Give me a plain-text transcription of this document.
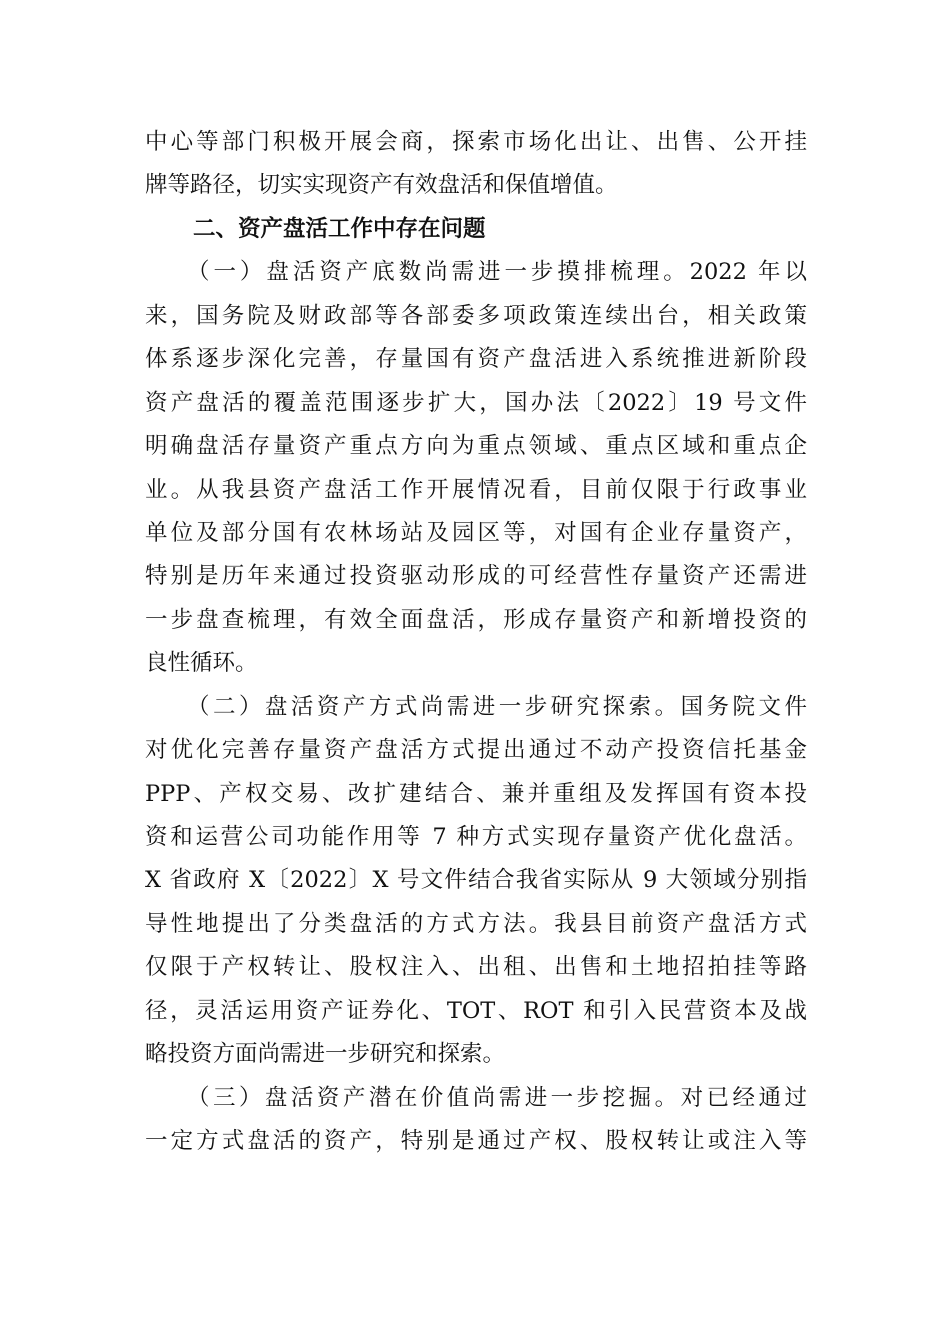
中心等部门积极开展会商，探索市场化出让、出售、公开挂
牌等路径，切实实现资产有效盘活和保值增值。
二、资产盘活工作中存在问题
（一）盘活资产底数尚需进一步摸排梳理。2022 年以
来，国务院及财政部等各部委多项政策连续出台，相关政策
体系逐步深化完善，存量国有资产盘活进入系统推进新阶段
资产盘活的覆盖范围逐步扩大，国办法〔2022〕19 号文件
明确盘活存量资产重点方向为重点领域、重点区域和重点企
业。从我县资产盘活工作开展情况看，目前仅限于行政事业
单位及部分国有农林场站及园区等，对国有企业存量资产，
特别是历年来通过投资驱动形成的可经营性存量资产还需进
一步盘查梳理，有效全面盘活，形成存量资产和新增投资的
良性循环。
（二）盘活资产方式尚需进一步研究探索。国务院文件
对优化完善存量资产盘活方式提出通过不动产投资信托基金
PPP、产权交易、改扩建结合、兼并重组及发挥国有资本投
资和运营公司功能作用等 7 种方式实现存量资产优化盘活。
X 省政府 X〔2022〕X 号文件结合我省实际从 9 大领域分别指
导性地提出了分类盘活的方式方法。我县目前资产盘活方式
仅限于产权转让、股权注入、出租、出售和土地招拍挂等路
径，灵活运用资产证券化、TOT、ROT 和引入民营资本及战
略投资方面尚需进一步研究和探索。
（三）盘活资产潜在价值尚需进一步挖掘。对已经通过
一定方式盘活的资产，特别是通过产权、股权转让或注入等
